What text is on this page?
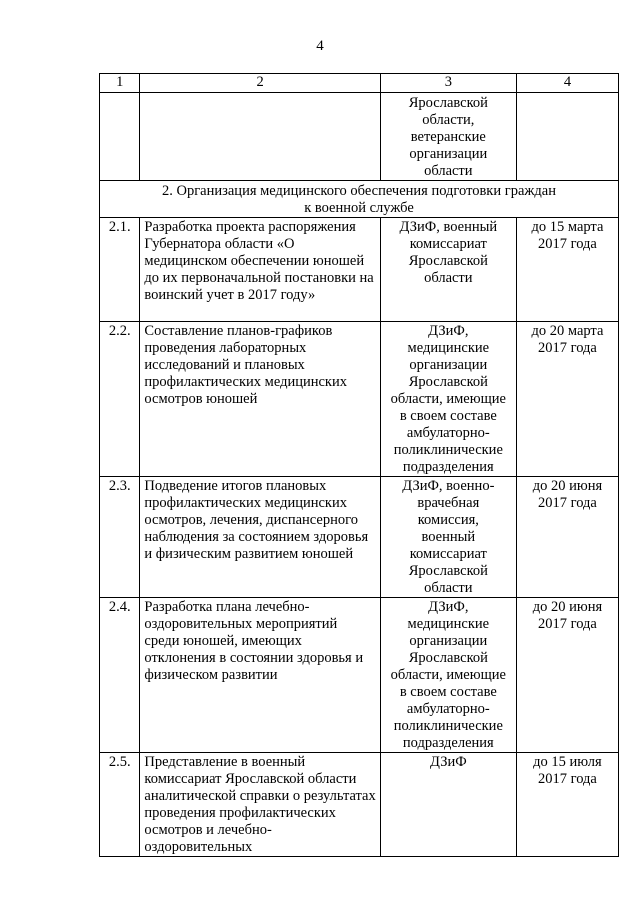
4
1	2	3	4
		Ярославской области, ветеранские организации области	
2. Организация медицинского обеспечения подготовки граждан к военной службе			
2.1.	Разработка проекта распоряжения Губернатора области «О медицинском обеспечении юношей до их первоначальной постановки на воинский учет в 2017 году»	ДЗиФ, военный комиссариат Ярославской области	до 15 марта 2017 года
2.2.	Составление планов-графиков проведения лабораторных исследований и плановых профилактических медицинских осмотров юношей	ДЗиФ, медицинские организации Ярославской области, имеющие в своем составе амбулаторно-поликлинические подразделения	до 20 марта 2017 года
2.3.	Подведение итогов плановых профилактических медицинских осмотров, лечения, диспансерного наблюдения за состоянием здоровья и физическим развитием юношей	ДЗиФ, военно-врачебная комиссия, военный комиссариат Ярославской области	до 20 июня 2017 года
2.4.	Разработка плана лечебно-оздоровительных мероприятий среди юношей, имеющих отклонения в состоянии здоровья и физическом развитии	ДЗиФ, медицинские организации Ярославской области, имеющие в своем составе амбулаторно-поликлинические подразделения	до 20 июня 2017 года
2.5.	Представление в военный комиссариат Ярославской области аналитической справки о результатах проведения профилактических осмотров и лечебно-оздоровительных	ДЗиФ	до 15 июля 2017 года
